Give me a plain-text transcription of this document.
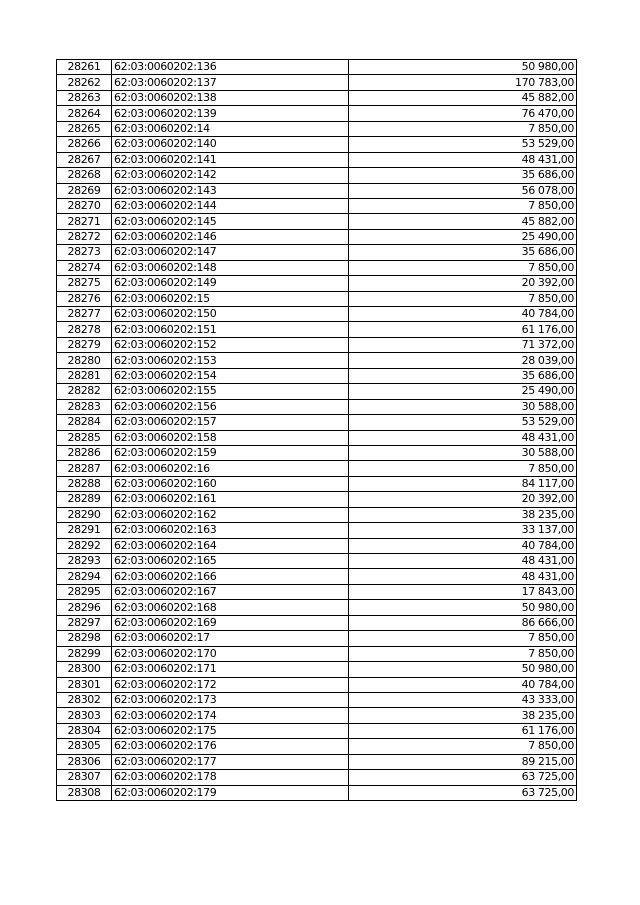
28261	62:03:0060202:136	50 980,00
28262	62:03:0060202:137	170 783,00
28263	62:03:0060202:138	45 882,00
28264	62:03:0060202:139	76 470,00
28265	62:03:0060202:14	7 850,00
28266	62:03:0060202:140	53 529,00
28267	62:03:0060202:141	48 431,00
28268	62:03:0060202:142	35 686,00
28269	62:03:0060202:143	56 078,00
28270	62:03:0060202:144	7 850,00
28271	62:03:0060202:145	45 882,00
28272	62:03:0060202:146	25 490,00
28273	62:03:0060202:147	35 686,00
28274	62:03:0060202:148	7 850,00
28275	62:03:0060202:149	20 392,00
28276	62:03:0060202:15	7 850,00
28277	62:03:0060202:150	40 784,00
28278	62:03:0060202:151	61 176,00
28279	62:03:0060202:152	71 372,00
28280	62:03:0060202:153	28 039,00
28281	62:03:0060202:154	35 686,00
28282	62:03:0060202:155	25 490,00
28283	62:03:0060202:156	30 588,00
28284	62:03:0060202:157	53 529,00
28285	62:03:0060202:158	48 431,00
28286	62:03:0060202:159	30 588,00
28287	62:03:0060202:16	7 850,00
28288	62:03:0060202:160	84 117,00
28289	62:03:0060202:161	20 392,00
28290	62:03:0060202:162	38 235,00
28291	62:03:0060202:163	33 137,00
28292	62:03:0060202:164	40 784,00
28293	62:03:0060202:165	48 431,00
28294	62:03:0060202:166	48 431,00
28295	62:03:0060202:167	17 843,00
28296	62:03:0060202:168	50 980,00
28297	62:03:0060202:169	86 666,00
28298	62:03:0060202:17	7 850,00
28299	62:03:0060202:170	7 850,00
28300	62:03:0060202:171	50 980,00
28301	62:03:0060202:172	40 784,00
28302	62:03:0060202:173	43 333,00
28303	62:03:0060202:174	38 235,00
28304	62:03:0060202:175	61 176,00
28305	62:03:0060202:176	7 850,00
28306	62:03:0060202:177	89 215,00
28307	62:03:0060202:178	63 725,00
28308	62:03:0060202:179	63 725,00
